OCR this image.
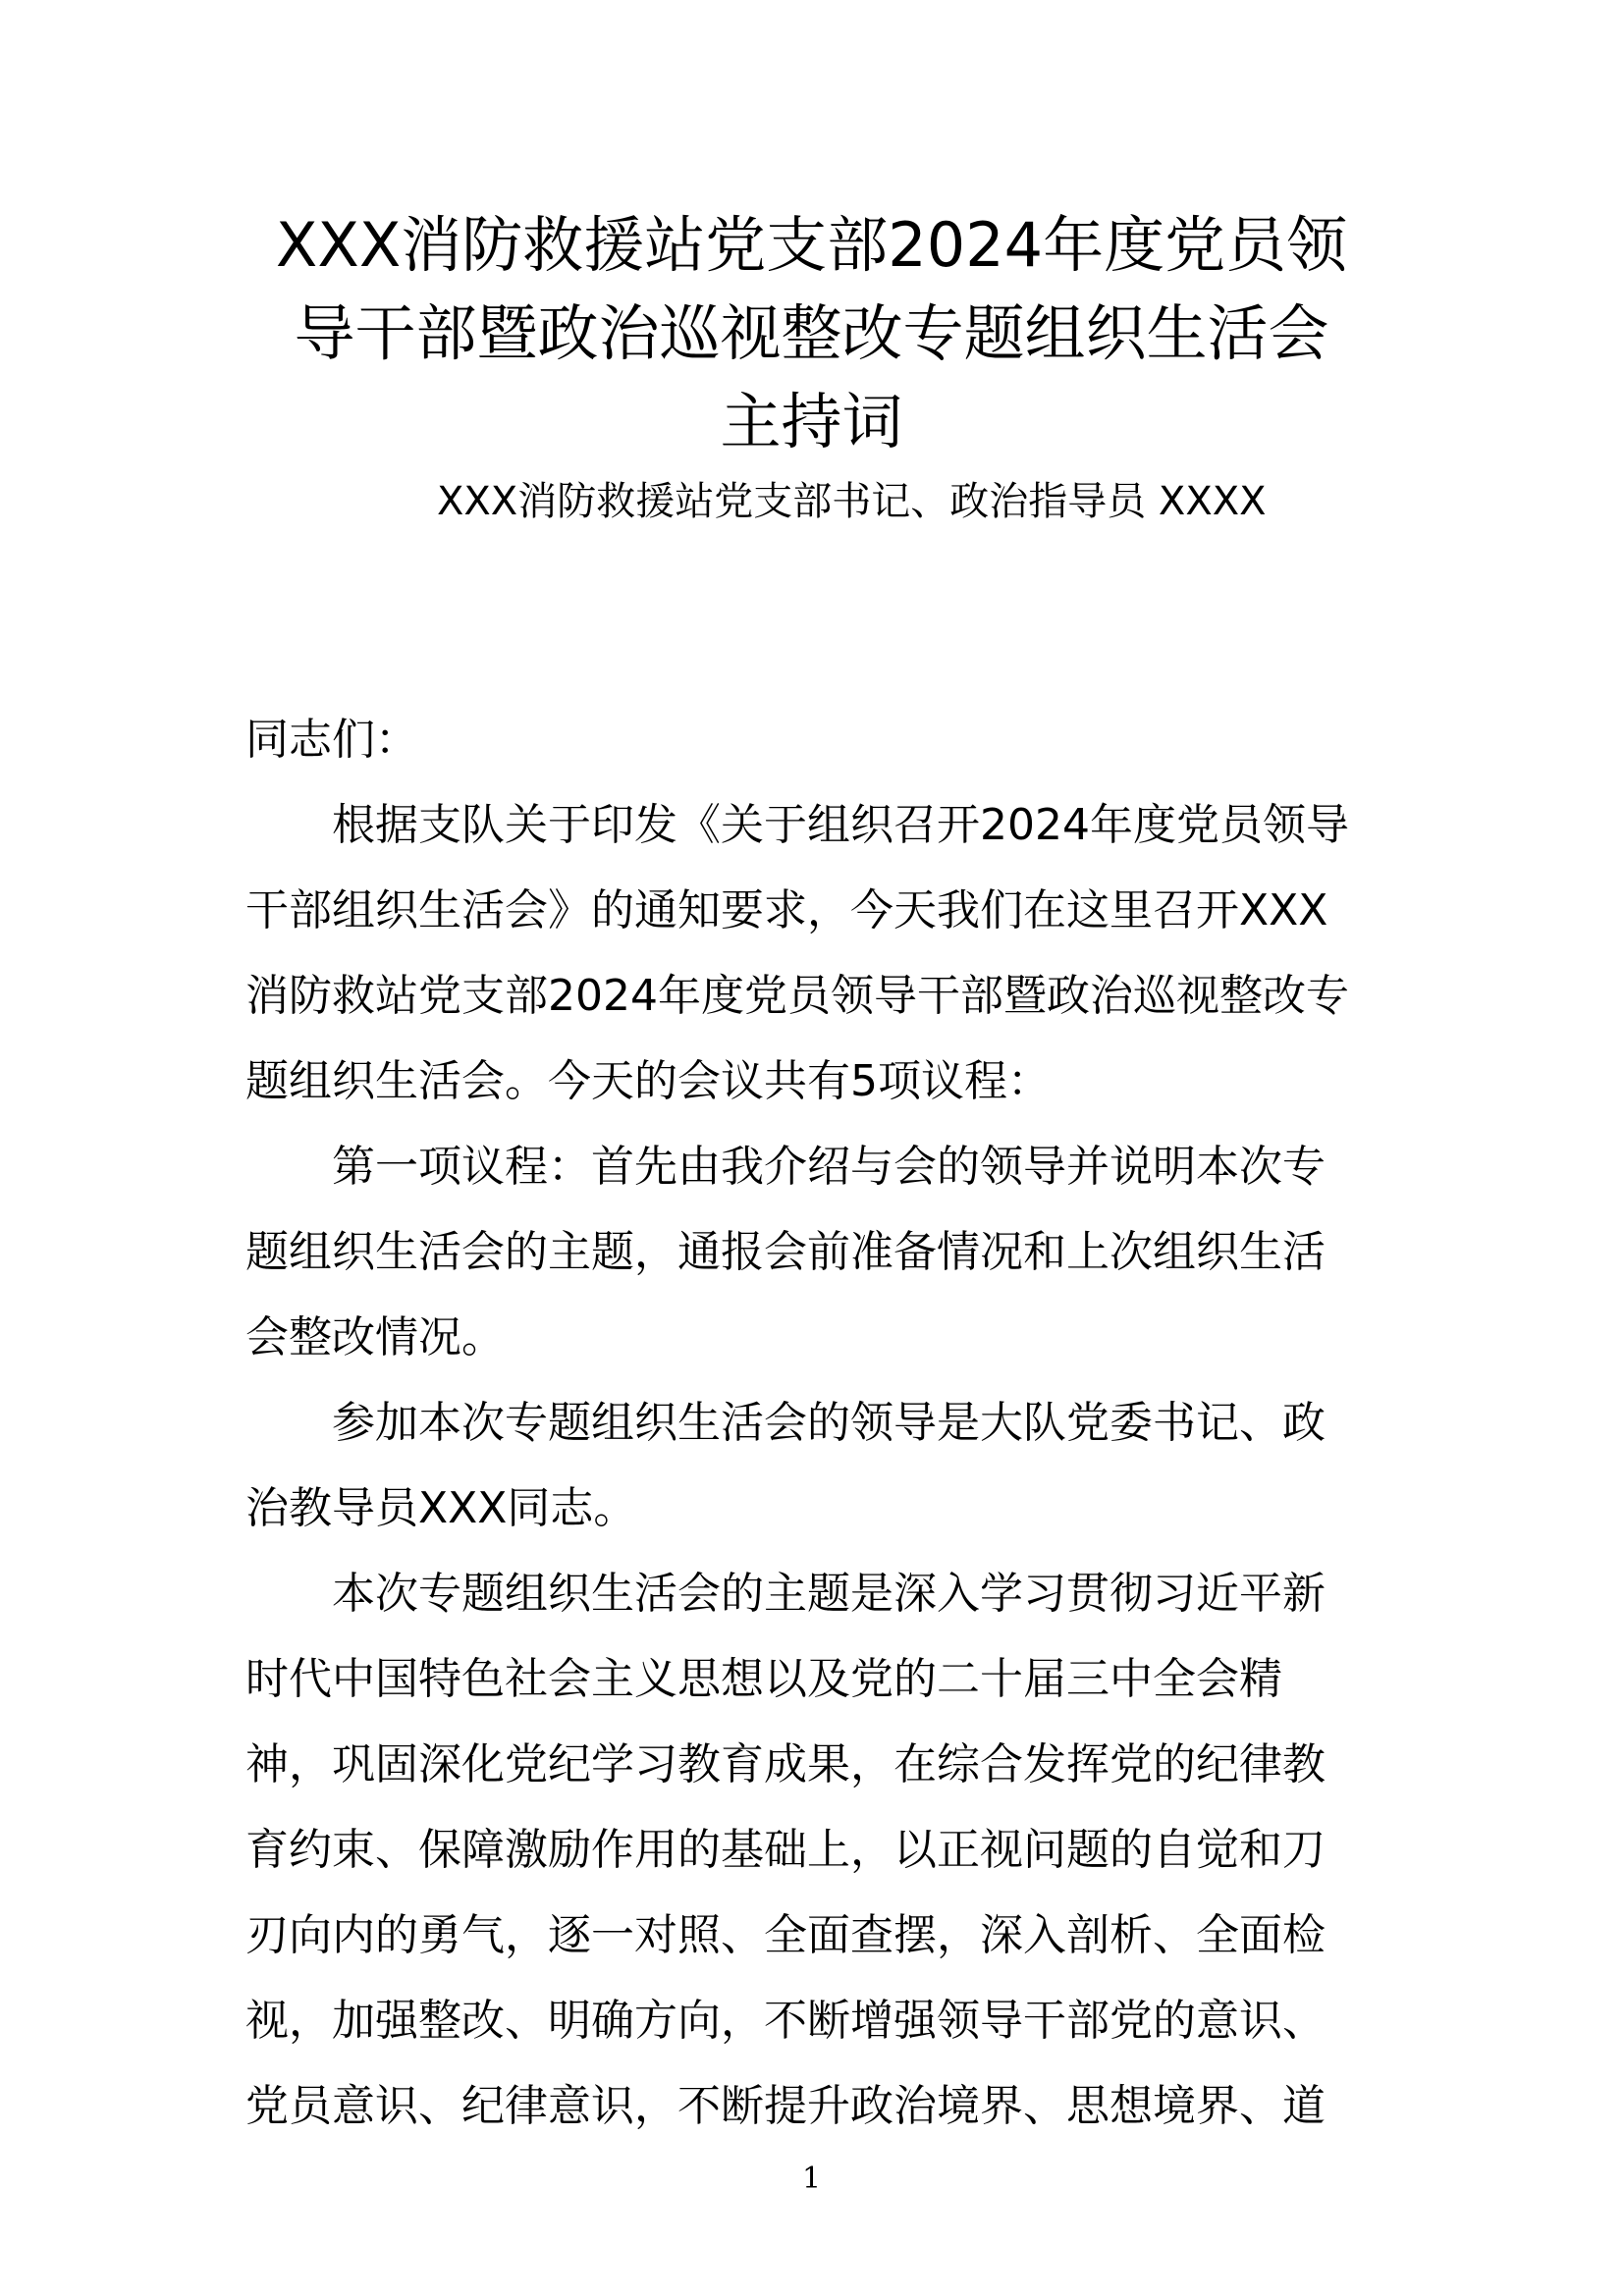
XXX消防救援站党支部2024年度党员领
导干部暨政治巡视整改专题组织生活会
主持词
XXX消防救援站党支部书记、政治指导员 XXXX
同志们：
根据支队关于印发《关于组织召开2024年度党员领导
干部组织生活会》的通知要求，今天我们在这里召开XXX
消防救站党支部2024年度党员领导干部暨政治巡视整改专
题组织生活会。今天的会议共有5项议程：
第一项议程：首先由我介绍与会的领导并说明本次专
题组织生活会的主题，通报会前准备情况和上次组织生活
会整改情况。
参加本次专题组织生活会的领导是大队党委书记、政
治教导员XXX同志。
本次专题组织生活会的主题是深入学习贯彻习近平新
时代中国特色社会主义思想以及党的二十届三中全会精
神，巩固深化党纪学习教育成果，在综合发挥党的纪律教
育约束、保障激励作用的基础上，以正视问题的自觉和刀
刃向内的勇气，逐一对照、全面查摆，深入剖析、全面检
视，加强整改、明确方向，不断增强领导干部党的意识、
党员意识、纪律意识，不断提升政治境界、思想境界、道
1
